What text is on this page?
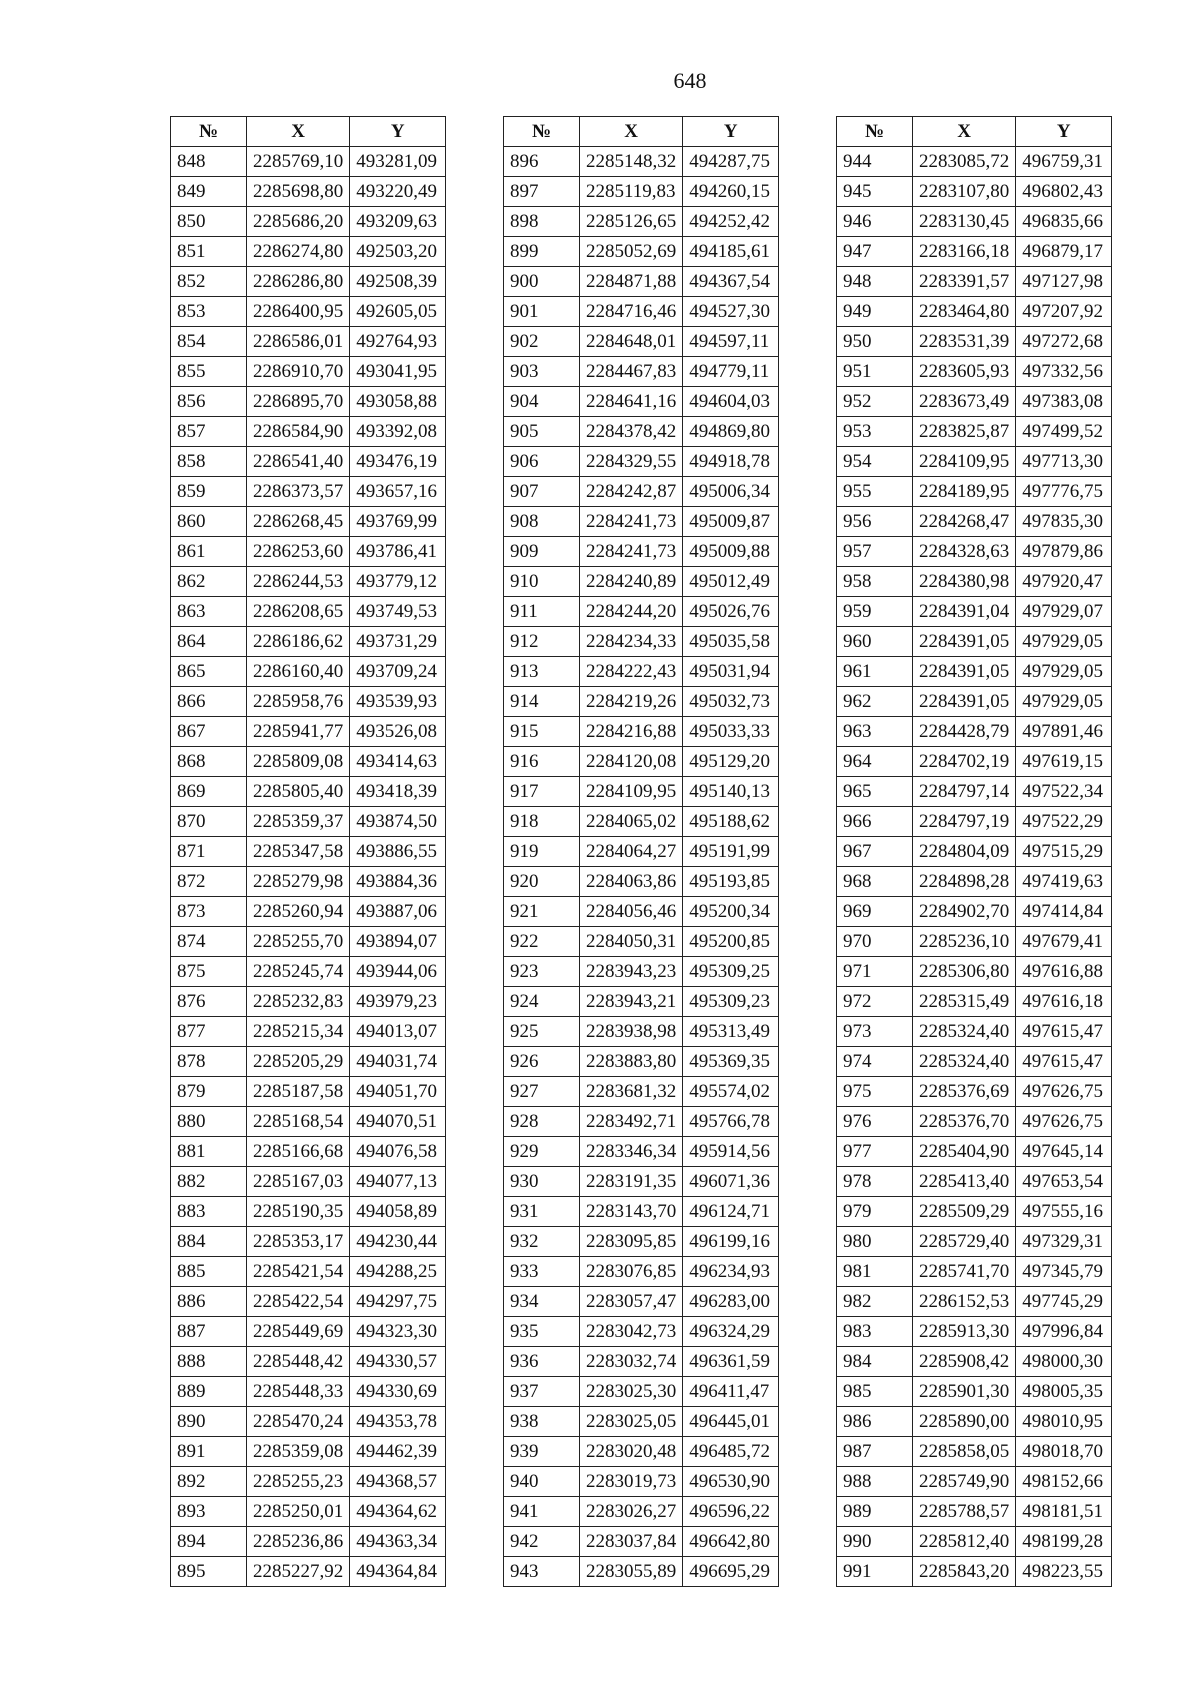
648
№	X	Y
848	2285769,10	493281,09
849	2285698,80	493220,49
850	2285686,20	493209,63
851	2286274,80	492503,20
852	2286286,80	492508,39
853	2286400,95	492605,05
854	2286586,01	492764,93
855	2286910,70	493041,95
856	2286895,70	493058,88
857	2286584,90	493392,08
858	2286541,40	493476,19
859	2286373,57	493657,16
860	2286268,45	493769,99
861	2286253,60	493786,41
862	2286244,53	493779,12
863	2286208,65	493749,53
864	2286186,62	493731,29
865	2286160,40	493709,24
866	2285958,76	493539,93
867	2285941,77	493526,08
868	2285809,08	493414,63
869	2285805,40	493418,39
870	2285359,37	493874,50
871	2285347,58	493886,55
872	2285279,98	493884,36
873	2285260,94	493887,06
874	2285255,70	493894,07
875	2285245,74	493944,06
876	2285232,83	493979,23
877	2285215,34	494013,07
878	2285205,29	494031,74
879	2285187,58	494051,70
880	2285168,54	494070,51
881	2285166,68	494076,58
882	2285167,03	494077,13
883	2285190,35	494058,89
884	2285353,17	494230,44
885	2285421,54	494288,25
886	2285422,54	494297,75
887	2285449,69	494323,30
888	2285448,42	494330,57
889	2285448,33	494330,69
890	2285470,24	494353,78
891	2285359,08	494462,39
892	2285255,23	494368,57
893	2285250,01	494364,62
894	2285236,86	494363,34
895	2285227,92	494364,84
№	X	Y
896	2285148,32	494287,75
897	2285119,83	494260,15
898	2285126,65	494252,42
899	2285052,69	494185,61
900	2284871,88	494367,54
901	2284716,46	494527,30
902	2284648,01	494597,11
903	2284467,83	494779,11
904	2284641,16	494604,03
905	2284378,42	494869,80
906	2284329,55	494918,78
907	2284242,87	495006,34
908	2284241,73	495009,87
909	2284241,73	495009,88
910	2284240,89	495012,49
911	2284244,20	495026,76
912	2284234,33	495035,58
913	2284222,43	495031,94
914	2284219,26	495032,73
915	2284216,88	495033,33
916	2284120,08	495129,20
917	2284109,95	495140,13
918	2284065,02	495188,62
919	2284064,27	495191,99
920	2284063,86	495193,85
921	2284056,46	495200,34
922	2284050,31	495200,85
923	2283943,23	495309,25
924	2283943,21	495309,23
925	2283938,98	495313,49
926	2283883,80	495369,35
927	2283681,32	495574,02
928	2283492,71	495766,78
929	2283346,34	495914,56
930	2283191,35	496071,36
931	2283143,70	496124,71
932	2283095,85	496199,16
933	2283076,85	496234,93
934	2283057,47	496283,00
935	2283042,73	496324,29
936	2283032,74	496361,59
937	2283025,30	496411,47
938	2283025,05	496445,01
939	2283020,48	496485,72
940	2283019,73	496530,90
941	2283026,27	496596,22
942	2283037,84	496642,80
943	2283055,89	496695,29
№	X	Y
944	2283085,72	496759,31
945	2283107,80	496802,43
946	2283130,45	496835,66
947	2283166,18	496879,17
948	2283391,57	497127,98
949	2283464,80	497207,92
950	2283531,39	497272,68
951	2283605,93	497332,56
952	2283673,49	497383,08
953	2283825,87	497499,52
954	2284109,95	497713,30
955	2284189,95	497776,75
956	2284268,47	497835,30
957	2284328,63	497879,86
958	2284380,98	497920,47
959	2284391,04	497929,07
960	2284391,05	497929,05
961	2284391,05	497929,05
962	2284391,05	497929,05
963	2284428,79	497891,46
964	2284702,19	497619,15
965	2284797,14	497522,34
966	2284797,19	497522,29
967	2284804,09	497515,29
968	2284898,28	497419,63
969	2284902,70	497414,84
970	2285236,10	497679,41
971	2285306,80	497616,88
972	2285315,49	497616,18
973	2285324,40	497615,47
974	2285324,40	497615,47
975	2285376,69	497626,75
976	2285376,70	497626,75
977	2285404,90	497645,14
978	2285413,40	497653,54
979	2285509,29	497555,16
980	2285729,40	497329,31
981	2285741,70	497345,79
982	2286152,53	497745,29
983	2285913,30	497996,84
984	2285908,42	498000,30
985	2285901,30	498005,35
986	2285890,00	498010,95
987	2285858,05	498018,70
988	2285749,90	498152,66
989	2285788,57	498181,51
990	2285812,40	498199,28
991	2285843,20	498223,55
